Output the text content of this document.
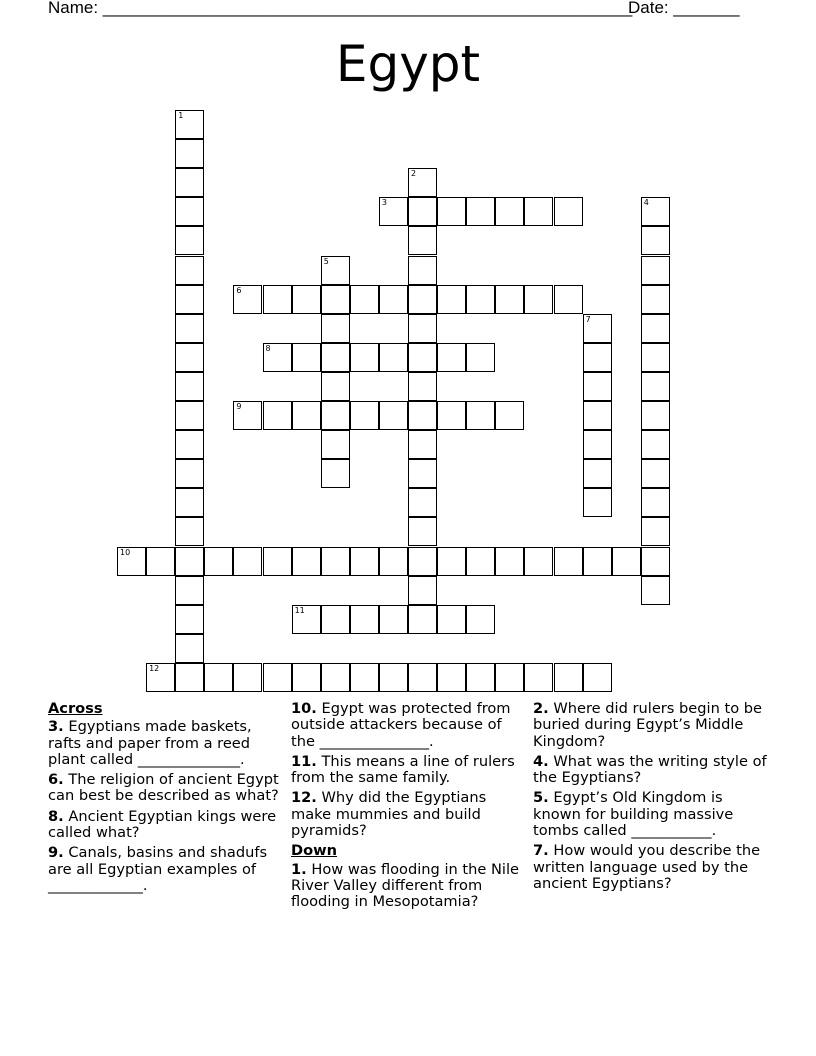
Name: ________________________________________________________
Date: _______
Egypt
1
2
3	4
5
6
7
8
9
10
11
12
Across
3. Egyptians made baskets, rafts and paper from a reed plant called ______________.
6. The religion of ancient Egypt can best be described as what?
8. Ancient Egyptian kings were called what?
9. Canals, basins and shadufs are all Egyptian examples of _____________.
10. Egypt was protected from outside attackers because of the _______________.
11. This means a line of rulers from the same family.
12. Why did the Egyptians make mummies and build pyramids?
Down
1. How was flooding in the Nile River Valley different from flooding in Mesopotamia?
2. Where did rulers begin to be buried during Egypt’s Middle Kingdom?
4. What was the writing style of the Egyptians?
5. Egypt’s Old Kingdom is known for building massive tombs called ___________.
7. How would you describe the written language used by the ancient Egyptians?
